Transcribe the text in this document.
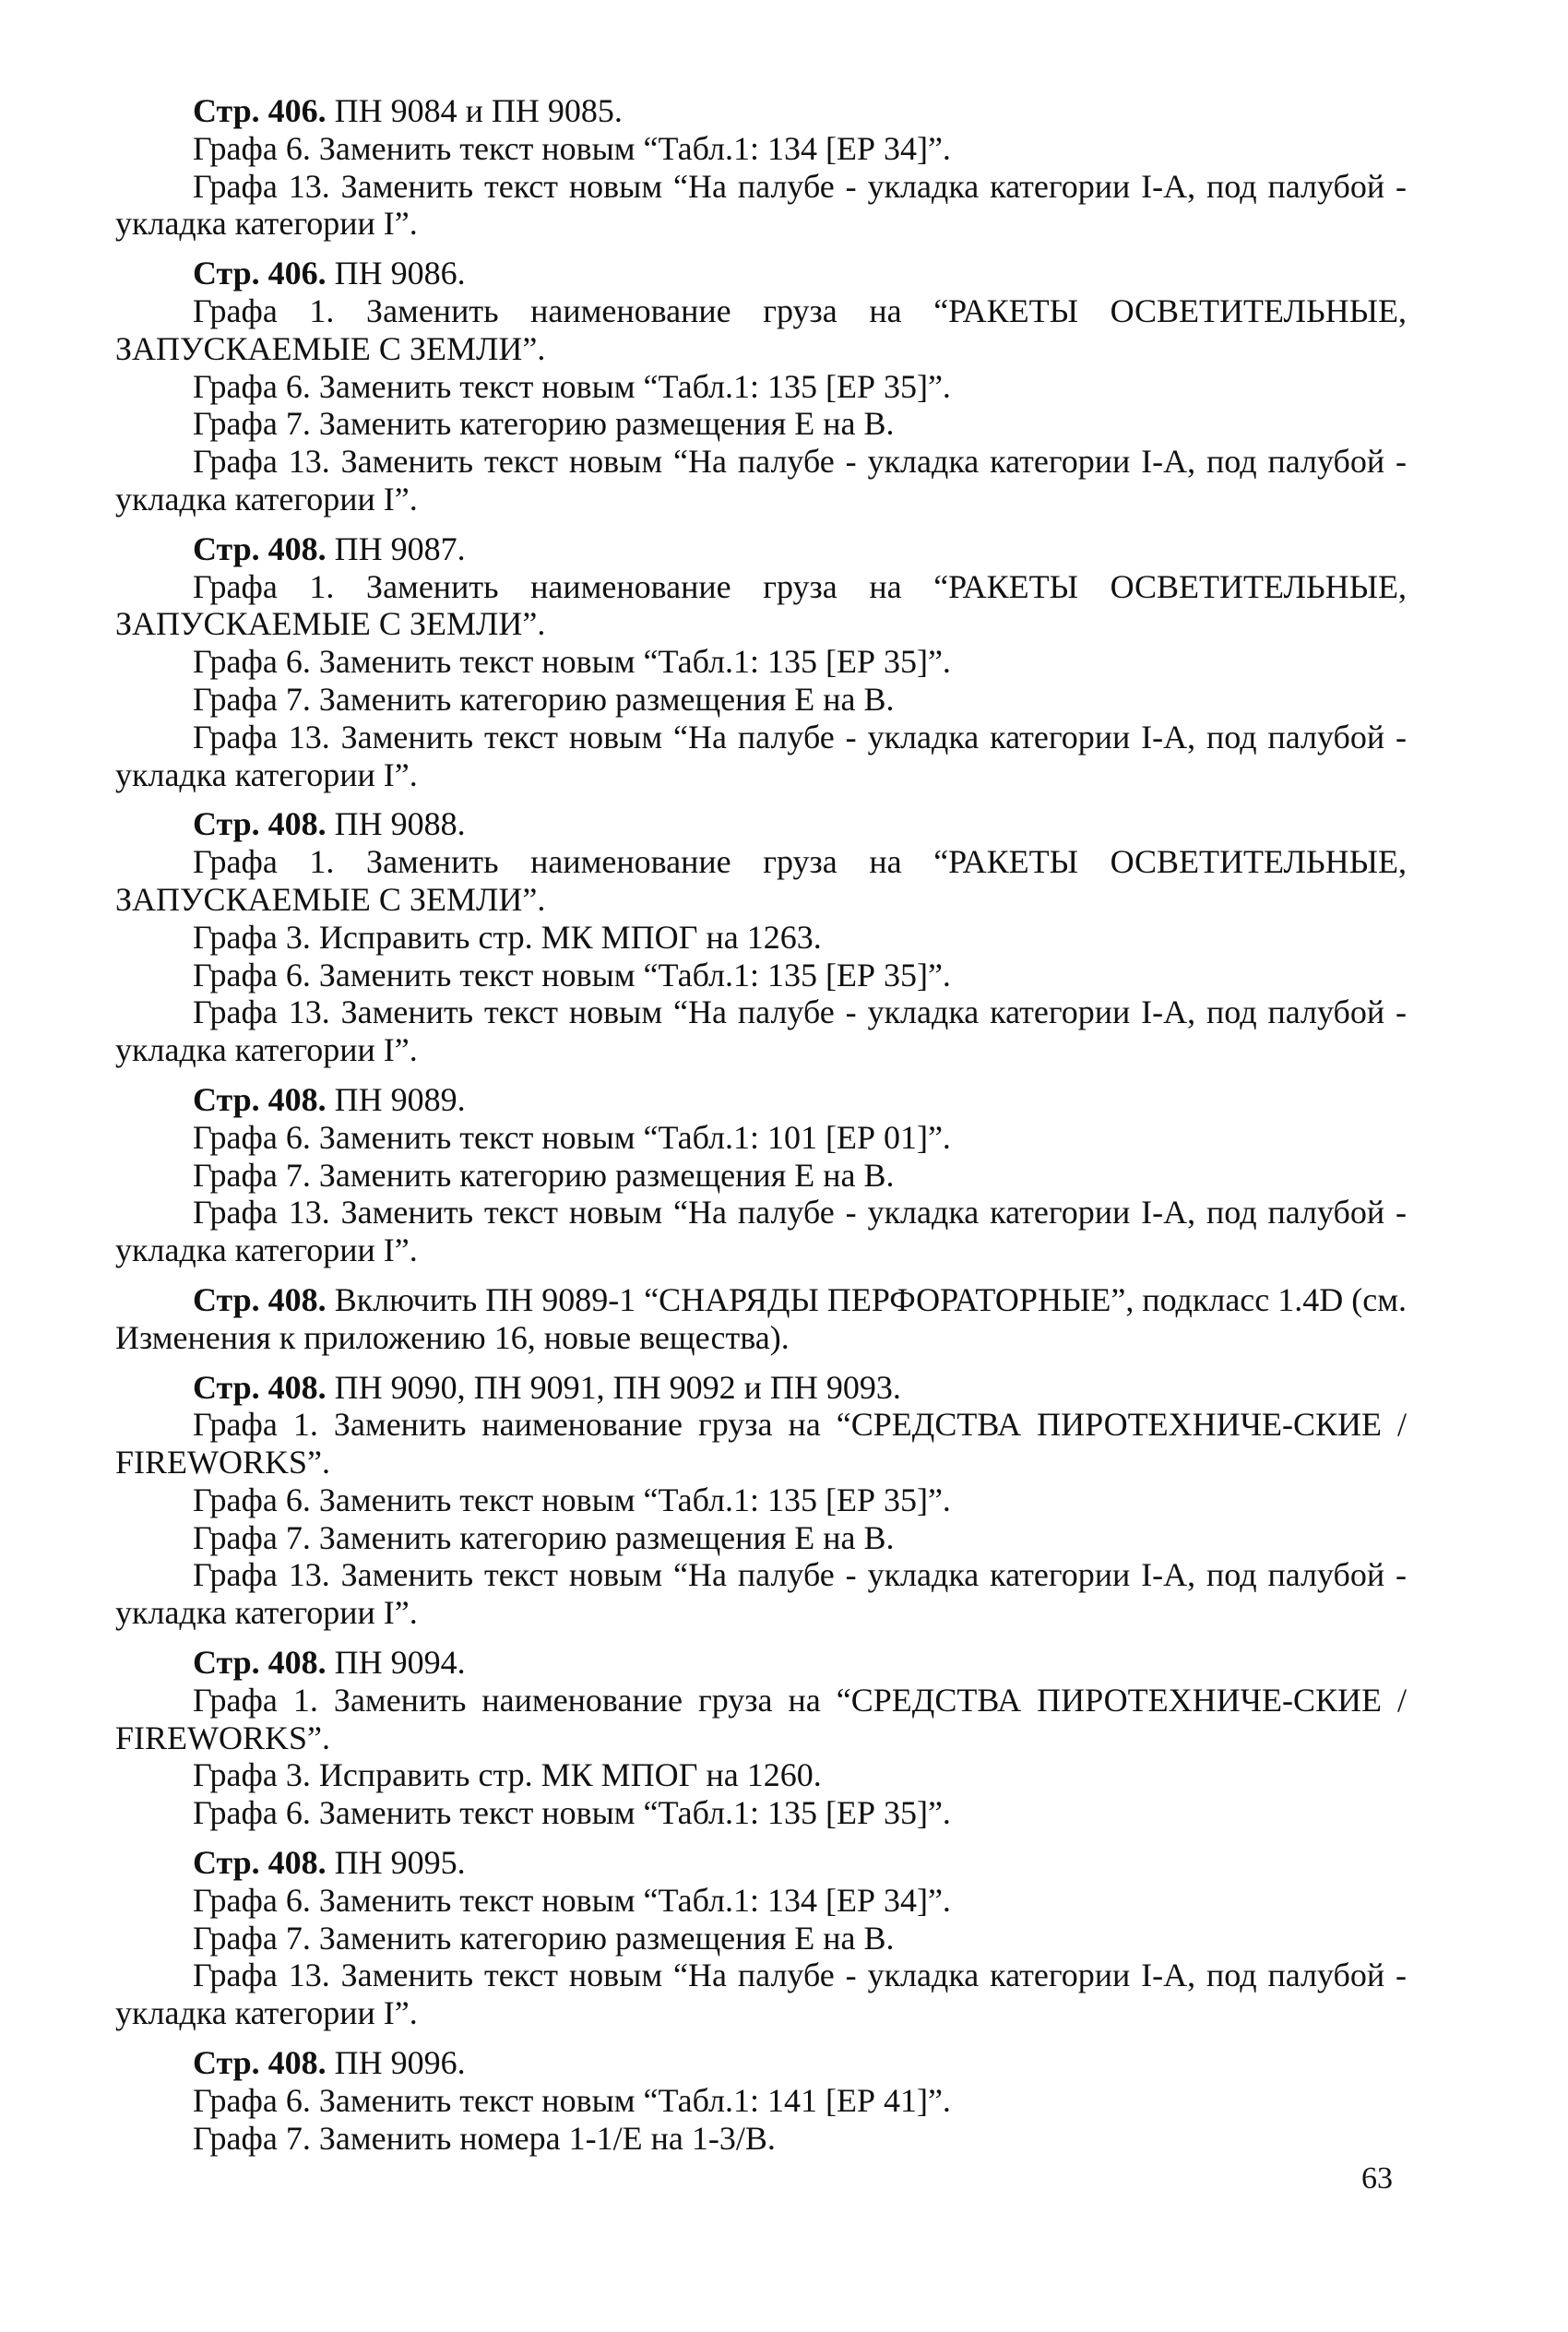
Стр. 406. ПН 9084 и ПН 9085.

Графа 6. Заменить текст новым “Табл.1: 134 [ЕР 34]”.

Графа 13. Заменить текст новым “На палубе - укладка категории I-А, под палубой - укладка категории I”.

Стр. 406. ПН 9086.

Графа 1. Заменить наименование груза на “РАКЕТЫ ОСВЕТИТЕЛЬНЫЕ, ЗАПУСКАЕМЫЕ С ЗЕМЛИ”.

Графа 6. Заменить текст новым “Табл.1: 135 [ЕР 35]”.

Графа 7. Заменить категорию размещения Е на В.

Графа 13. Заменить текст новым “На палубе - укладка категории I-А, под палубой - укладка категории I”.

Стр. 408. ПН 9087.

Графа 1. Заменить наименование груза на “РАКЕТЫ ОСВЕТИТЕЛЬНЫЕ, ЗАПУСКАЕМЫЕ С ЗЕМЛИ”.

Графа 6. Заменить текст новым “Табл.1: 135 [ЕР 35]”.

Графа 7. Заменить категорию размещения Е на В.

Графа 13. Заменить текст новым “На палубе - укладка категории I-А, под палубой - укладка категории I”.

Стр. 408. ПН 9088.

Графа 1. Заменить наименование груза на “РАКЕТЫ ОСВЕТИТЕЛЬНЫЕ, ЗАПУСКАЕМЫЕ С ЗЕМЛИ”.

Графа 3. Исправить стр. МК МПОГ на 1263.

Графа 6. Заменить текст новым “Табл.1: 135 [ЕР 35]”.

Графа 13. Заменить текст новым “На палубе - укладка категории I-А, под палубой - укладка категории I”.

Стр. 408. ПН 9089.

Графа 6. Заменить текст новым “Табл.1: 101 [ЕР 01]”.

Графа 7. Заменить категорию размещения Е на В.

Графа 13. Заменить текст новым “На палубе - укладка категории I-А, под палубой - укладка категории I”.

Стр. 408. Включить ПН 9089-1 “СНАРЯДЫ ПЕРФОРАТОРНЫЕ”, подкласс 1.4D (см. Изменения к приложению 16, новые вещества).

Стр. 408. ПН 9090, ПН 9091, ПН 9092 и ПН 9093.

Графа 1. Заменить наименование груза на “СРЕДСТВА ПИРОТЕХНИЧЕ-СКИЕ / FIREWORKS”.

Графа 6. Заменить текст новым “Табл.1: 135 [ЕР 35]”.

Графа 7. Заменить категорию размещения Е на В.

Графа 13. Заменить текст новым “На палубе - укладка категории I-А, под палубой - укладка категории I”.

Стр. 408. ПН 9094.

Графа 1. Заменить наименование груза на “СРЕДСТВА ПИРОТЕХНИЧЕ-СКИЕ / FIREWORKS”.

Графа 3. Исправить стр. МК МПОГ на 1260.

Графа 6. Заменить текст новым “Табл.1: 135 [ЕР 35]”.

Стр. 408. ПН 9095.

Графа 6. Заменить текст новым “Табл.1: 134 [ЕР 34]”.

Графа 7. Заменить категорию размещения Е на В.

Графа 13. Заменить текст новым “На палубе - укладка категории I-А, под палубой - укладка категории I”.

Стр. 408. ПН 9096.

Графа 6. Заменить текст новым “Табл.1: 141 [ЕР 41]”.

Графа 7. Заменить номера 1-1/Е на 1-3/В.

63
